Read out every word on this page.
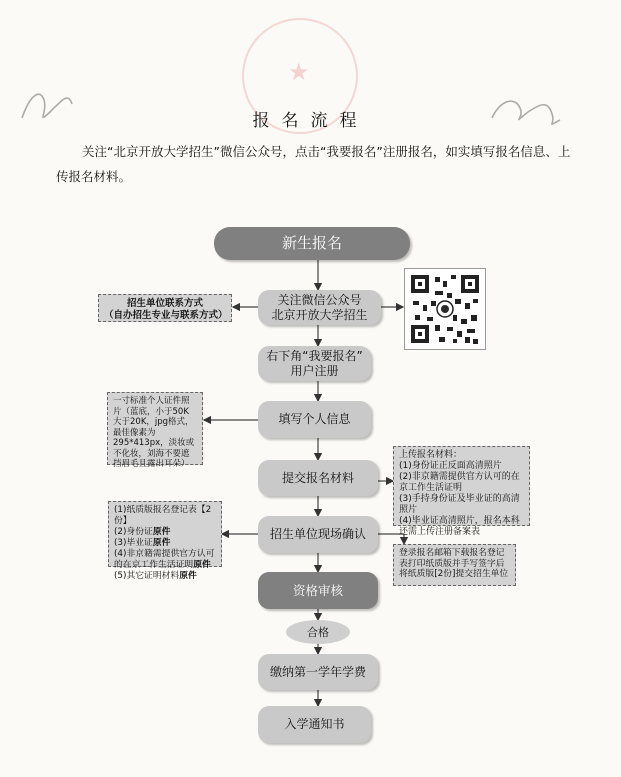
★
报名流程
关注“北京开放大学招生”微信公众号，点击“我要报名”注册报名，如实填写报名信息、上传报名材料。
新生报名
关注微信公众号
北京开放大学招生
右下角“我要报名”
用户注册
填写个人信息
提交报名材料
招生单位现场确认
资格审核
合格
缴纳第一学年学费
入学通知书
招生单位联系方式
（自办招生专业与联系方式）
一寸标准个人证件照片（蓝底，小于50K大于20K，jpg格式，最佳像素为295*413px，淡妆或不化妆，刘海不要遮挡眉毛且露出耳朵）
上传报名材料：
(1)身份证正反面高清照片
(2)非京籍需提供官方认可的在京工作生活证明
(3)手持身份证及毕业证的高清照片
(4)毕业证高清照片，报名本科还需上传注册备案表
(1)纸质版报名登记表【2份】
(2)身份证原件
(3)毕业证原件
(4)非京籍需提供官方认可的在京工作生活证明原件
(5)其它证明材料原件
登录报名邮箱下载报名登记表打印纸质版并手写签字后将纸质版[2份]提交招生单位
